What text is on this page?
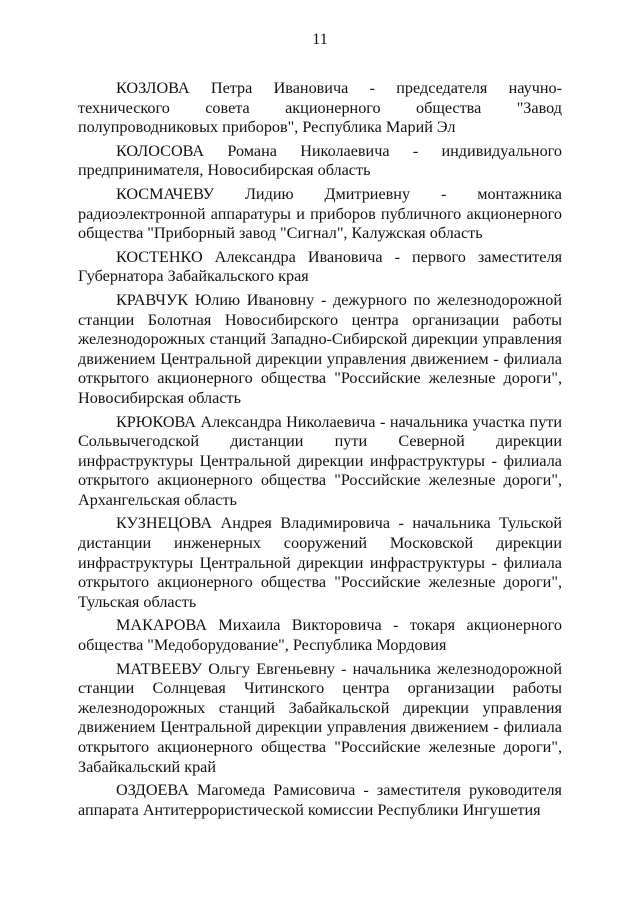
11

КОЗЛОВА Петра Ивановича - председателя научно-технического совета акционерного общества "Завод полупроводниковых приборов", Республика Марий Эл

КОЛОСОВА Романа Николаевича - индивидуального предпринимателя, Новосибирская область

КОСМАЧЕВУ Лидию Дмитриевну - монтажника радиоэлектронной аппаратуры и приборов публичного акционерного общества "Приборный завод "Сигнал", Калужская область

КОСТЕНКО Александра Ивановича - первого заместителя Губернатора Забайкальского края

КРАВЧУК Юлию Ивановну - дежурного по железнодорожной станции Болотная Новосибирского центра организации работы железнодорожных станций Западно-Сибирской дирекции управления движением Центральной дирекции управления движением - филиала открытого акционерного общества "Российские железные дороги", Новосибирская область

КРЮКОВА Александра Николаевича - начальника участка пути Сольвычегодской дистанции пути Северной дирекции инфраструктуры Центральной дирекции инфраструктуры - филиала открытого акционерного общества "Российские железные дороги", Архангельская область

КУЗНЕЦОВА Андрея Владимировича - начальника Тульской дистанции инженерных сооружений Московской дирекции инфраструктуры Центральной дирекции инфраструктуры - филиала открытого акционерного общества "Российские железные дороги", Тульская область

МАКАРОВА Михаила Викторовича - токаря акционерного общества "Медоборудование", Республика Мордовия

МАТВЕЕВУ Ольгу Евгеньевну - начальника железнодорожной станции Солнцевая Читинского центра организации работы железнодорожных станций Забайкальской дирекции управления движением Центральной дирекции управления движением - филиала открытого акционерного общества "Российские железные дороги", Забайкальский край

ОЗДОЕВА Магомеда Рамисовича - заместителя руководителя аппарата Антитеррористической комиссии Республики Ингушетия
